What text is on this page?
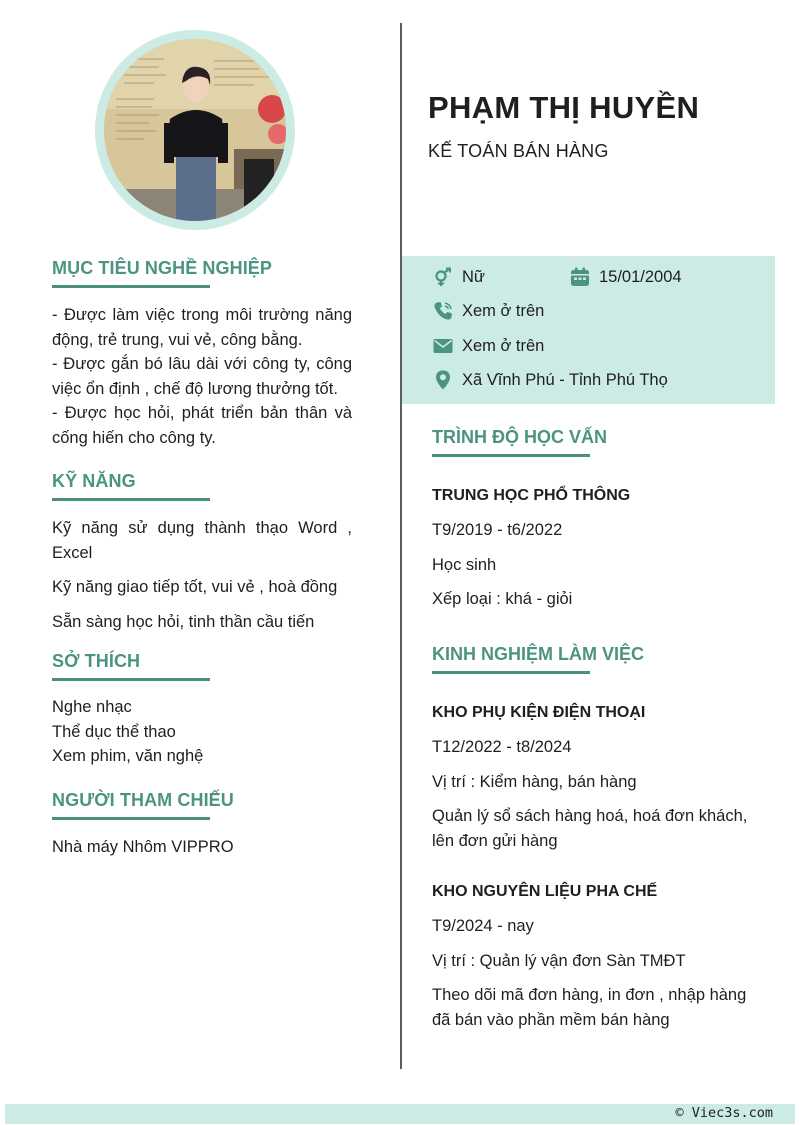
MỤC TIÊU NGHỀ NGHIỆP

- Được làm việc trong môi trường năng động, trẻ trung, vui vẻ, công bằng.

- Được gắn bó lâu dài với công ty, công việc ổn định , chế độ lương thưởng tốt.

- Được học hỏi, phát triển bản thân và cống hiến cho công ty.

KỸ NĂNG
Kỹ năng sử dụng thành thạo Word , Excel
Kỹ năng giao tiếp tốt, vui vẻ , hoà đồng
Sẵn sàng học hỏi, tinh thần cầu tiến
SỞ THÍCH
Nghe nhạc
Thể dục thể thao
Xem phim, văn nghệ
NGƯỜI THAM CHIẾU
Nhà máy Nhôm VIPPRO
PHẠM THỊ HUYỀN
KẾ TOÁN BÁN HÀNG
Nữ	15/01/2004
Xem ở trên
Xem ở trên
Xã Vĩnh Phú - Tỉnh Phú Thọ
TRÌNH ĐỘ HỌC VẤN
TRUNG HỌC PHỔ THÔNG
T9/2019 - t6/2022
Học sinh
Xếp loại : khá - giỏi
KINH NGHIỆM LÀM VIỆC
KHO PHỤ KIỆN ĐIỆN THOẠI
T12/2022 - t8/2024
Vị trí : Kiểm hàng, bán hàng
Quản lý sổ sách hàng hoá, hoá đơn khách, lên đơn gửi hàng
KHO NGUYÊN LIỆU PHA CHẾ
T9/2024 - nay
Vị trí : Quản lý vận đơn Sàn TMĐT
Theo dõi mã đơn hàng, in đơn , nhập hàng đã bán vào phần mềm bán hàng
© Viec3s.com
